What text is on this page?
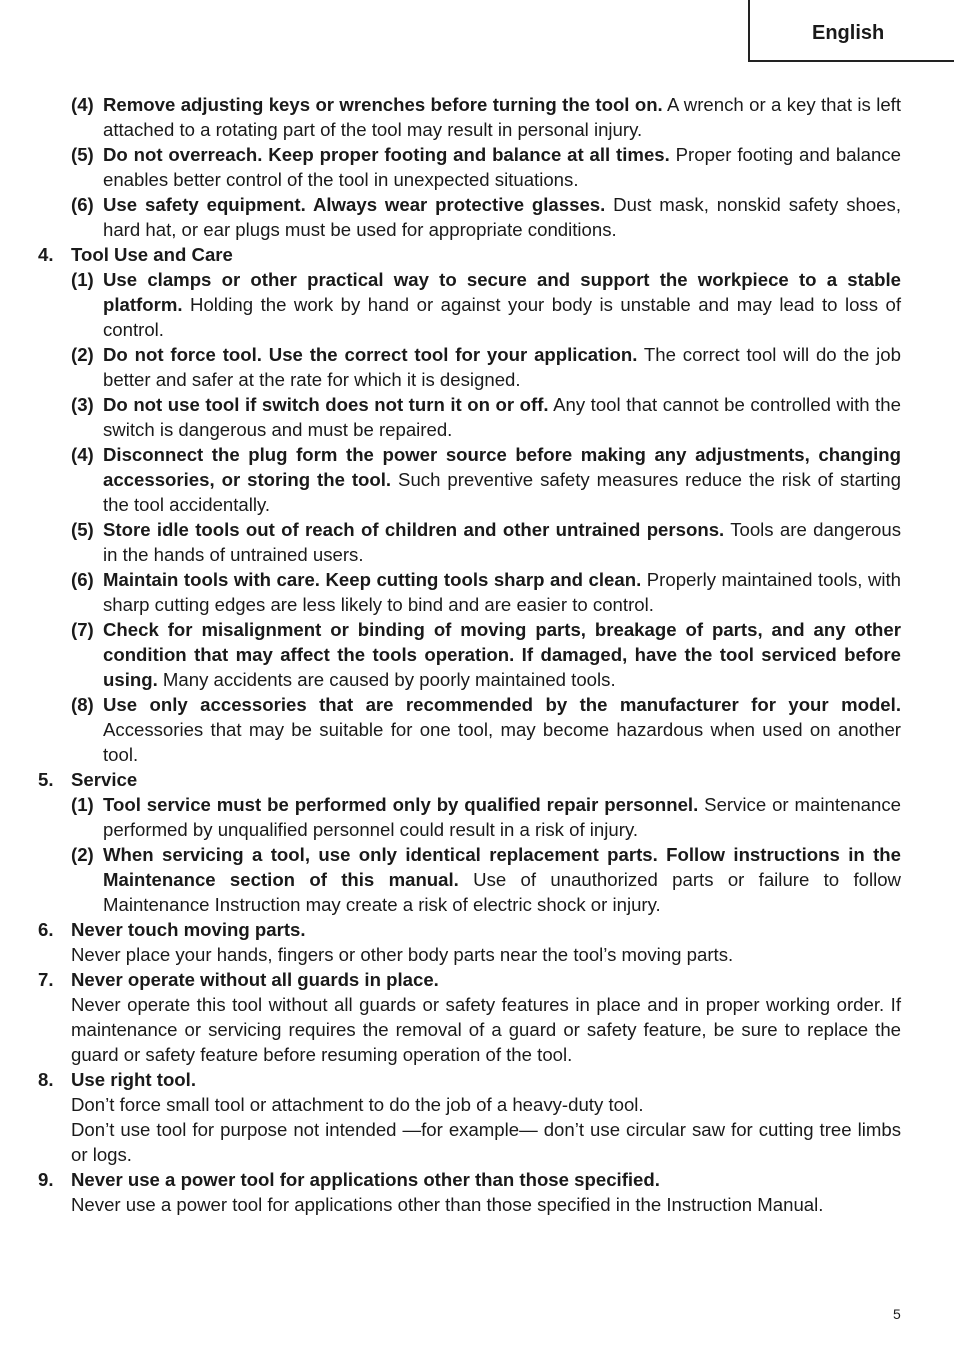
English
(4) Remove adjusting keys or wrenches before turning the tool on. A wrench or a key that is left attached to a rotating part of the tool may result in personal injury.
(5) Do not overreach. Keep proper footing and balance at all times. Proper footing and balance enables better control of the tool in unexpected situations.
(6) Use safety equipment. Always wear protective glasses. Dust mask, nonskid safety shoes, hard hat, or ear plugs must be used for appropriate conditions.
4. Tool Use and Care
(1) Use clamps or other practical way to secure and support the workpiece to a stable platform. Holding the work by hand or against your body is unstable and may lead to loss of control.
(2) Do not force tool. Use the correct tool for your application. The correct tool will do the job better and safer at the rate for which it is designed.
(3) Do not use tool if switch does not turn it on or off. Any tool that cannot be controlled with the switch is dangerous and must be repaired.
(4) Disconnect the plug form the power source before making any adjustments, changing accessories, or storing the tool. Such preventive safety measures reduce the risk of starting the tool accidentally.
(5) Store idle tools out of reach of children and other untrained persons. Tools are dangerous in the hands of untrained users.
(6) Maintain tools with care. Keep cutting tools sharp and clean. Properly maintained tools, with sharp cutting edges are less likely to bind and are easier to control.
(7) Check for misalignment or binding of moving parts, breakage of parts, and any other condition that may affect the tools operation. If damaged, have the tool serviced before using. Many accidents are caused by poorly maintained tools.
(8) Use only accessories that are recommended by the manufacturer for your model. Accessories that may be suitable for one tool, may become hazardous when used on another tool.
5. Service
(1) Tool service must be performed only by qualified repair personnel. Service or maintenance performed by unqualified personnel could result in a risk of injury.
(2) When servicing a tool, use only identical replacement parts. Follow instructions in the Maintenance section of this manual. Use of unauthorized parts or failure to follow Maintenance Instruction may create a risk of electric shock or injury.
6. Never touch moving parts.
Never place your hands, fingers or other body parts near the tool’s moving parts.
7. Never operate without all guards in place.
Never operate this tool without all guards or safety features in place and in proper working order. If maintenance or servicing requires the removal of a guard or safety feature, be sure to replace the guard or safety feature before resuming operation of the tool.
8. Use right tool.
Don’t force small tool or attachment to do the job of a heavy-duty tool.
Don’t use tool for purpose not intended —for example— don’t use circular saw for cutting tree limbs or logs.
9. Never use a power tool for applications other than those specified.
Never use a power tool for applications other than those specified in the Instruction Manual.
5
